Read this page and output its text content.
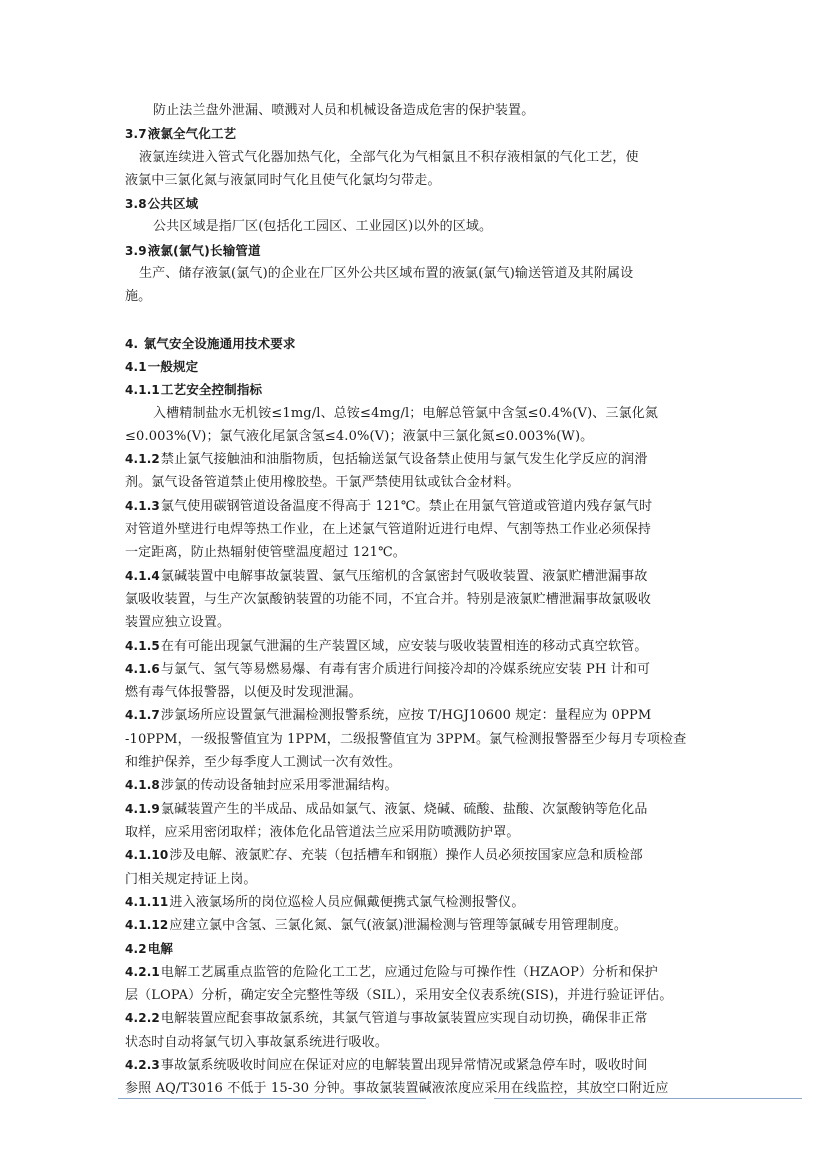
防止法兰盘外泄漏、喷溅对人员和机械设备造成危害的保护装置。
3.7液氯全气化工艺
液氯连续进入管式气化器加热气化，全部气化为气相氯且不积存液相氯的气化工艺，使
液氯中三氯化氮与液氯同时气化且使气化氯均匀带走。
3.8公共区域
公共区域是指厂区(包括化工园区、工业园区)以外的区域。
3.9液氯(氯气)长输管道
生产、储存液氯(氯气)的企业在厂区外公共区域布置的液氯(氯气)输送管道及其附属设
施。
4. 氯气安全设施通用技术要求
4.1一般规定
4.1.1工艺安全控制指标
入槽精制盐水无机铵≤1mg/l、总铵≤4mg/l；电解总管氯中含氢≤0.4%(V)、三氯化氮
≤0.003%(V)；氯气液化尾氯含氢≤4.0%(V)；液氯中三氯化氮≤0.003%(W)。
4.1.2禁止氯气接触油和油脂物质，包括输送氯气设备禁止使用与氯气发生化学反应的润滑
剂。氯气设备管道禁止使用橡胶垫。干氯严禁使用钛或钛合金材料。
4.1.3氯气使用碳钢管道设备温度不得高于 121℃。禁止在用氯气管道或管道内残存氯气时
对管道外壁进行电焊等热工作业，在上述氯气管道附近进行电焊、气割等热工作业必须保持
一定距离，防止热辐射使管壁温度超过 121℃。
4.1.4氯碱装置中电解事故氯装置、氯气压缩机的含氯密封气吸收装置、液氯贮槽泄漏事故
氯吸收装置，与生产次氯酸钠装置的功能不同，不宜合并。特别是液氯贮槽泄漏事故氯吸收
装置应独立设置。
4.1.5在有可能出现氯气泄漏的生产装置区域，应安装与吸收装置相连的移动式真空软管。
4.1.6与氯气、氢气等易燃易爆、有毒有害介质进行间接冷却的冷媒系统应安装 PH 计和可
燃有毒气体报警器，以便及时发现泄漏。
4.1.7涉氯场所应设置氯气泄漏检测报警系统，应按 T/HGJ10600 规定：量程应为 0PPM
-10PPM，一级报警值宜为 1PPM，二级报警值宜为 3PPM。氯气检测报警器至少每月专项检查
和维护保养，至少每季度人工测试一次有效性。
4.1.8涉氯的传动设备轴封应采用零泄漏结构。
4.1.9氯碱装置产生的半成品、成品如氯气、液氯、烧碱、硫酸、盐酸、次氯酸钠等危化品
取样，应采用密闭取样；液体危化品管道法兰应采用防喷溅防护罩。
4.1.10涉及电解、液氯贮存、充装（包括槽车和钢瓶）操作人员必须按国家应急和质检部
门相关规定持证上岗。
4.1.11进入液氯场所的岗位巡检人员应佩戴便携式氯气检测报警仪。
4.1.12应建立氯中含氢、三氯化氮、氯气(液氯)泄漏检测与管理等氯碱专用管理制度。
4.2电解
4.2.1电解工艺属重点监管的危险化工工艺，应通过危险与可操作性（HZAOP）分析和保护
层（LOPA）分析，确定安全完整性等级（SIL），采用安全仪表系统(SIS)，并进行验证评估。
4.2.2电解装置应配套事故氯系统，其氯气管道与事故氯装置应实现自动切换，确保非正常
状态时自动将氯气切入事故氯系统进行吸收。
4.2.3事故氯系统吸收时间应在保证对应的电解装置出现异常情况或紧急停车时，吸收时间
参照 AQ/T3016 不低于 15-30 分钟。事故氯装置碱液浓度应采用在线监控，其放空口附近应
